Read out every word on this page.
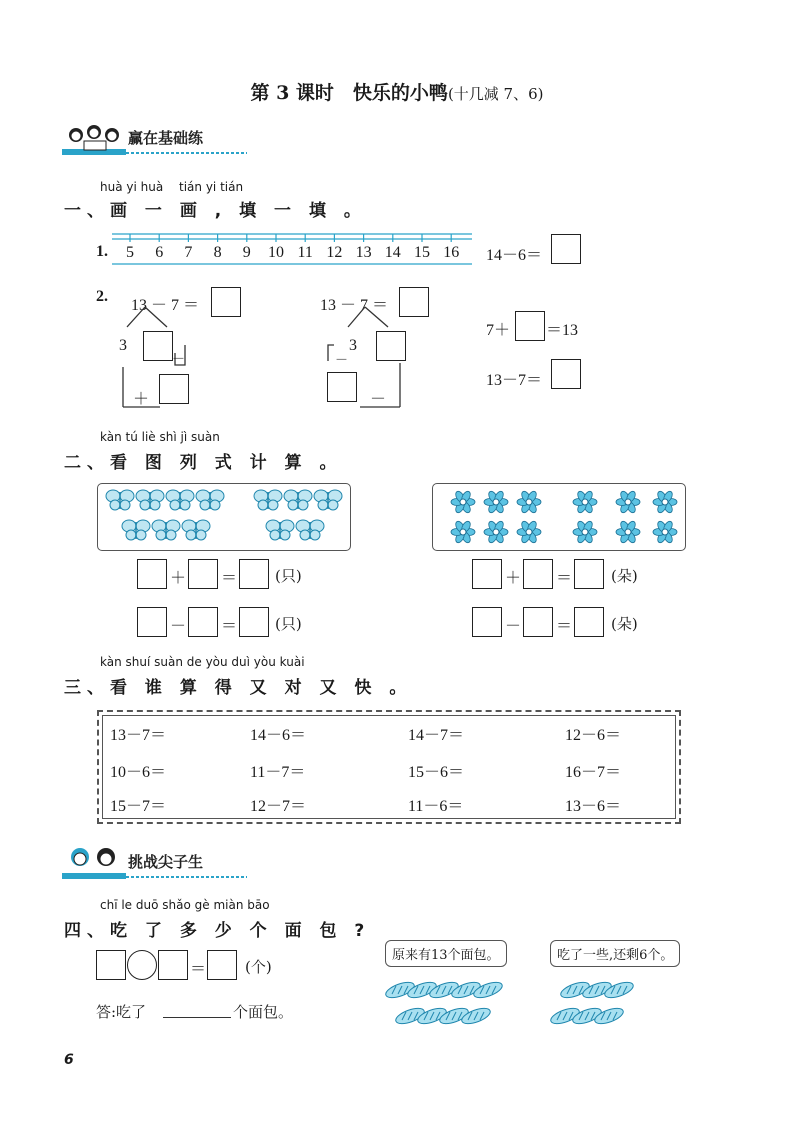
第 3 课时　快乐的小鸭(十几减 7、6)
赢在基础练
huà yi huà　 tián yi tián
一、画 一 画 , 填 一 填 。
1.	5	6	7	8	9	10 11 12 13 14 15 16 14－6＝
2.
13 － 7 ＝
3
－
＋
13 － 7 ＝
－
3
－
7＋ ＝13
13－7＝
kàn tú liè shì jì suàn
二、看 图 列 式 计 算 。
＋ ＝	(只)
－ ＝	(只)
＋ ＝	(朵)
－ ＝	(朵)
kàn shuí suàn de yòu duì yòu kuài
三、看 谁 算 得 又 对 又 快 。
13－7＝	14－6＝	14－7＝	12－6＝
10－6＝	11－7＝	15－6＝	16－7＝
15－7＝	12－7＝	11－6＝	13－6＝
挑战尖子生
chī le duō shǎo gè miàn bāo
四、吃 了 多 少 个 面 包 ?
＝	(个)
答:吃了	个面包。
原来有13个面包。	吃了一些,还剩6个。
6
